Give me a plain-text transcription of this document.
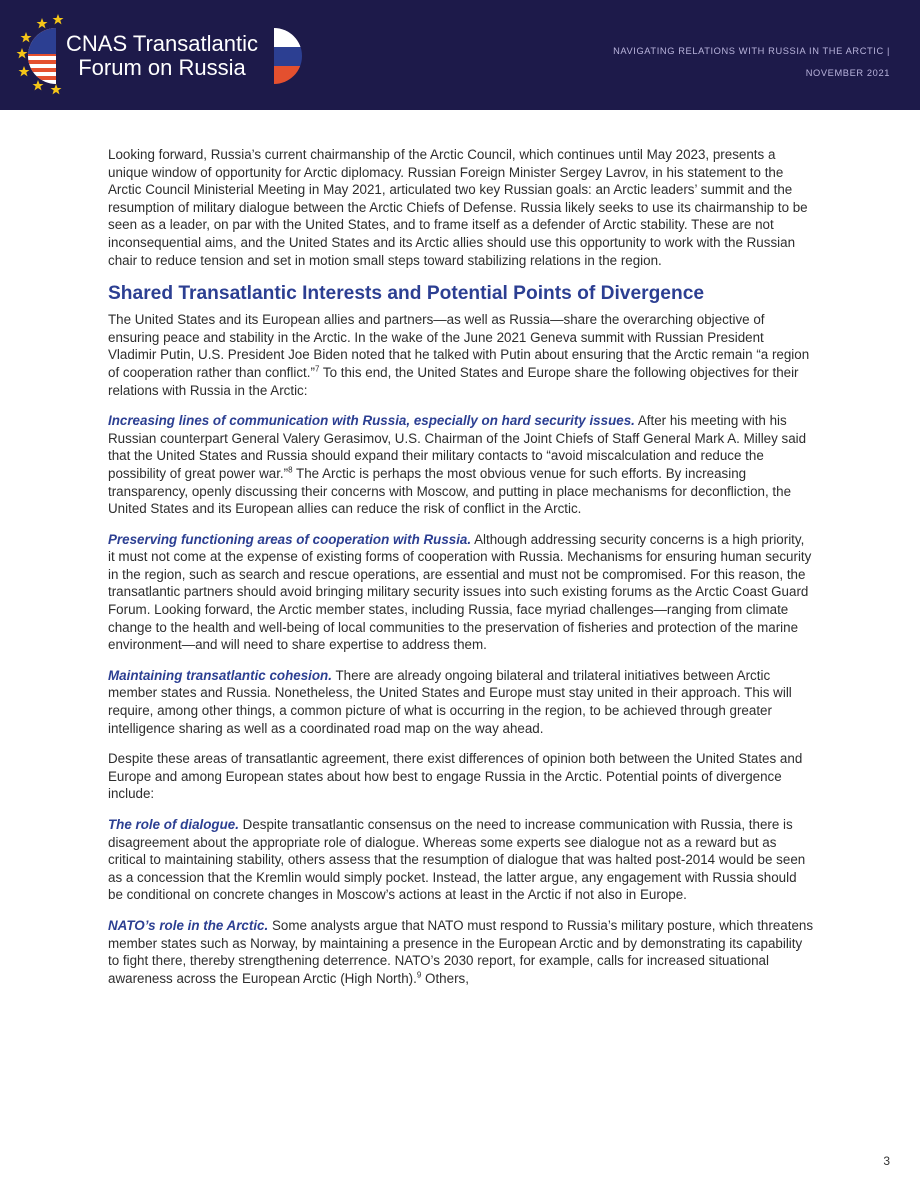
CNAS Transatlantic
Forum on Russia
NAVIGATING RELATIONS WITH RUSSIA IN THE ARCTIC |
NOVEMBER 2021

Looking forward, Russia’s current chairmanship of the Arctic Council, which continues until May 2023, presents a unique window of opportunity for Arctic diplomacy. Russian Foreign Minister Sergey Lavrov, in his statement to the Arctic Council Ministerial Meeting in May 2021, articulated two key Russian goals: an Arctic leaders’ summit and the resumption of military dialogue between the Arctic Chiefs of Defense. Russia likely seeks to use its chairmanship to be seen as a leader, on par with the United States, and to frame itself as a defender of Arctic stability. These are not inconsequential aims, and the United States and its Arctic allies should use this opportunity to work with the Russian chair to reduce tension and set in motion small steps toward stabilizing relations in the region.

Shared Transatlantic Interests and Potential Points of Divergence

The United States and its European allies and partners—as well as Russia—share the overarching objective of ensuring peace and stability in the Arctic. In the wake of the June 2021 Geneva summit with Russian President Vladimir Putin, U.S. President Joe Biden noted that he talked with Putin about ensuring that the Arctic remain “a region of cooperation rather than conflict.”$^7$ To this end, the United States and Europe share the following objectives for their relations with Russia in the Arctic:

Increasing lines of communication with Russia, especially on hard security issues. After his meeting with his Russian counterpart General Valery Gerasimov, U.S. Chairman of the Joint Chiefs of Staff General Mark A. Milley said that the United States and Russia should expand their military contacts to “avoid miscalculation and reduce the possibility of great power war.”$^8$ The Arctic is perhaps the most obvious venue for such efforts. By increasing transparency, openly discussing their concerns with Moscow, and putting in place mechanisms for deconfliction, the United States and its European allies can reduce the risk of conflict in the Arctic.

Preserving functioning areas of cooperation with Russia. Although addressing security concerns is a high priority, it must not come at the expense of existing forms of cooperation with Russia. Mechanisms for ensuring human security in the region, such as search and rescue operations, are essential and must not be compromised. For this reason, the transatlantic partners should avoid bringing military security issues into such existing forums as the Arctic Coast Guard Forum. Looking forward, the Arctic member states, including Russia, face myriad challenges—ranging from climate change to the health and well-being of local communities to the preservation of fisheries and protection of the marine environment—and will need to share expertise to address them.

Maintaining transatlantic cohesion. There are already ongoing bilateral and trilateral initiatives between Arctic member states and Russia. Nonetheless, the United States and Europe must stay united in their approach. This will require, among other things, a common picture of what is occurring in the region, to be achieved through greater intelligence sharing as well as a coordinated road map on the way ahead.

Despite these areas of transatlantic agreement, there exist differences of opinion both between the United States and Europe and among European states about how best to engage Russia in the Arctic. Potential points of divergence include:

The role of dialogue. Despite transatlantic consensus on the need to increase communication with Russia, there is disagreement about the appropriate role of dialogue. Whereas some experts see dialogue not as a reward but as critical to maintaining stability, others assess that the resumption of dialogue that was halted post-2014 would be seen as a concession that the Kremlin would simply pocket. Instead, the latter argue, any engagement with Russia should be conditional on concrete changes in Moscow’s actions at least in the Arctic if not also in Europe.

NATO’s role in the Arctic. Some analysts argue that NATO must respond to Russia’s military posture, which threatens member states such as Norway, by maintaining a presence in the European Arctic and by demonstrating its capability to fight there, thereby strengthening deterrence. NATO’s 2030 report, for example, calls for increased situational awareness across the European Arctic (High North).$^9$ Others,

3
